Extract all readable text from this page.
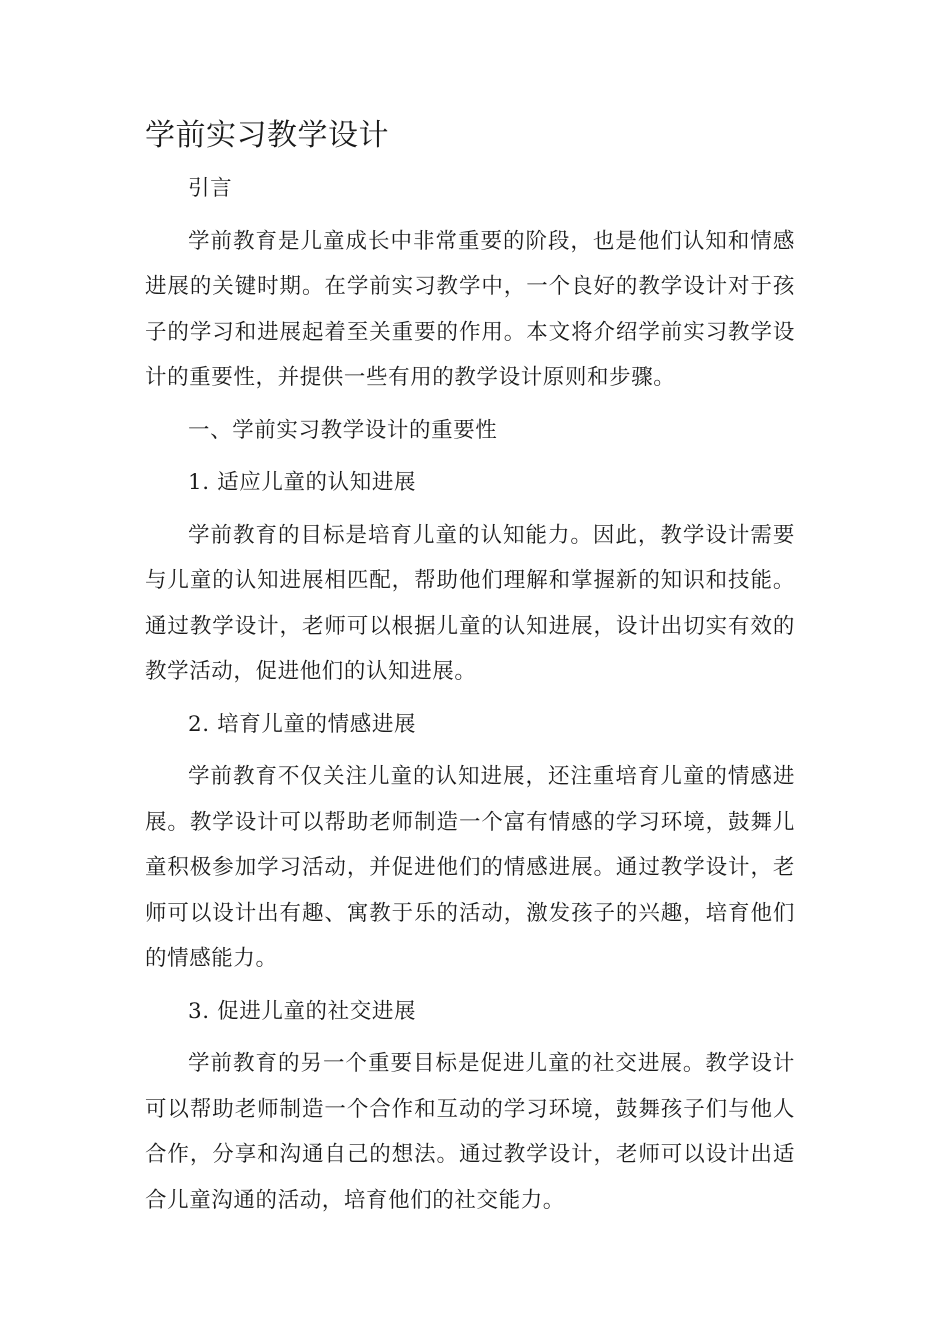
学前实习教学设计
引言

学前教育是儿童成长中非常重要的阶段，也是他们认知和情感进展的关键时期。在学前实习教学中，一个良好的教学设计对于孩子的学习和进展起着至关重要的作用。本文将介绍学前实习教学设计的重要性，并提供一些有用的教学设计原则和步骤。

一、学前实习教学设计的重要性
1. 适应儿童的认知进展

学前教育的目标是培育儿童的认知能力。因此，教学设计需要与儿童的认知进展相匹配，帮助他们理解和掌握新的知识和技能。通过教学设计，老师可以根据儿童的认知进展，设计出切实有效的教学活动，促进他们的认知进展。

2. 培育儿童的情感进展

学前教育不仅关注儿童的认知进展，还注重培育儿童的情感进展。教学设计可以帮助老师制造一个富有情感的学习环境，鼓舞儿童积极参加学习活动，并促进他们的情感进展。通过教学设计，老师可以设计出有趣、寓教于乐的活动，激发孩子的兴趣，培育他们的情感能力。

3. 促进儿童的社交进展

学前教育的另一个重要目标是促进儿童的社交进展。教学设计可以帮助老师制造一个合作和互动的学习环境，鼓舞孩子们与他人合作，分享和沟通自己的想法。通过教学设计，老师可以设计出适合儿童沟通的活动，培育他们的社交能力。
